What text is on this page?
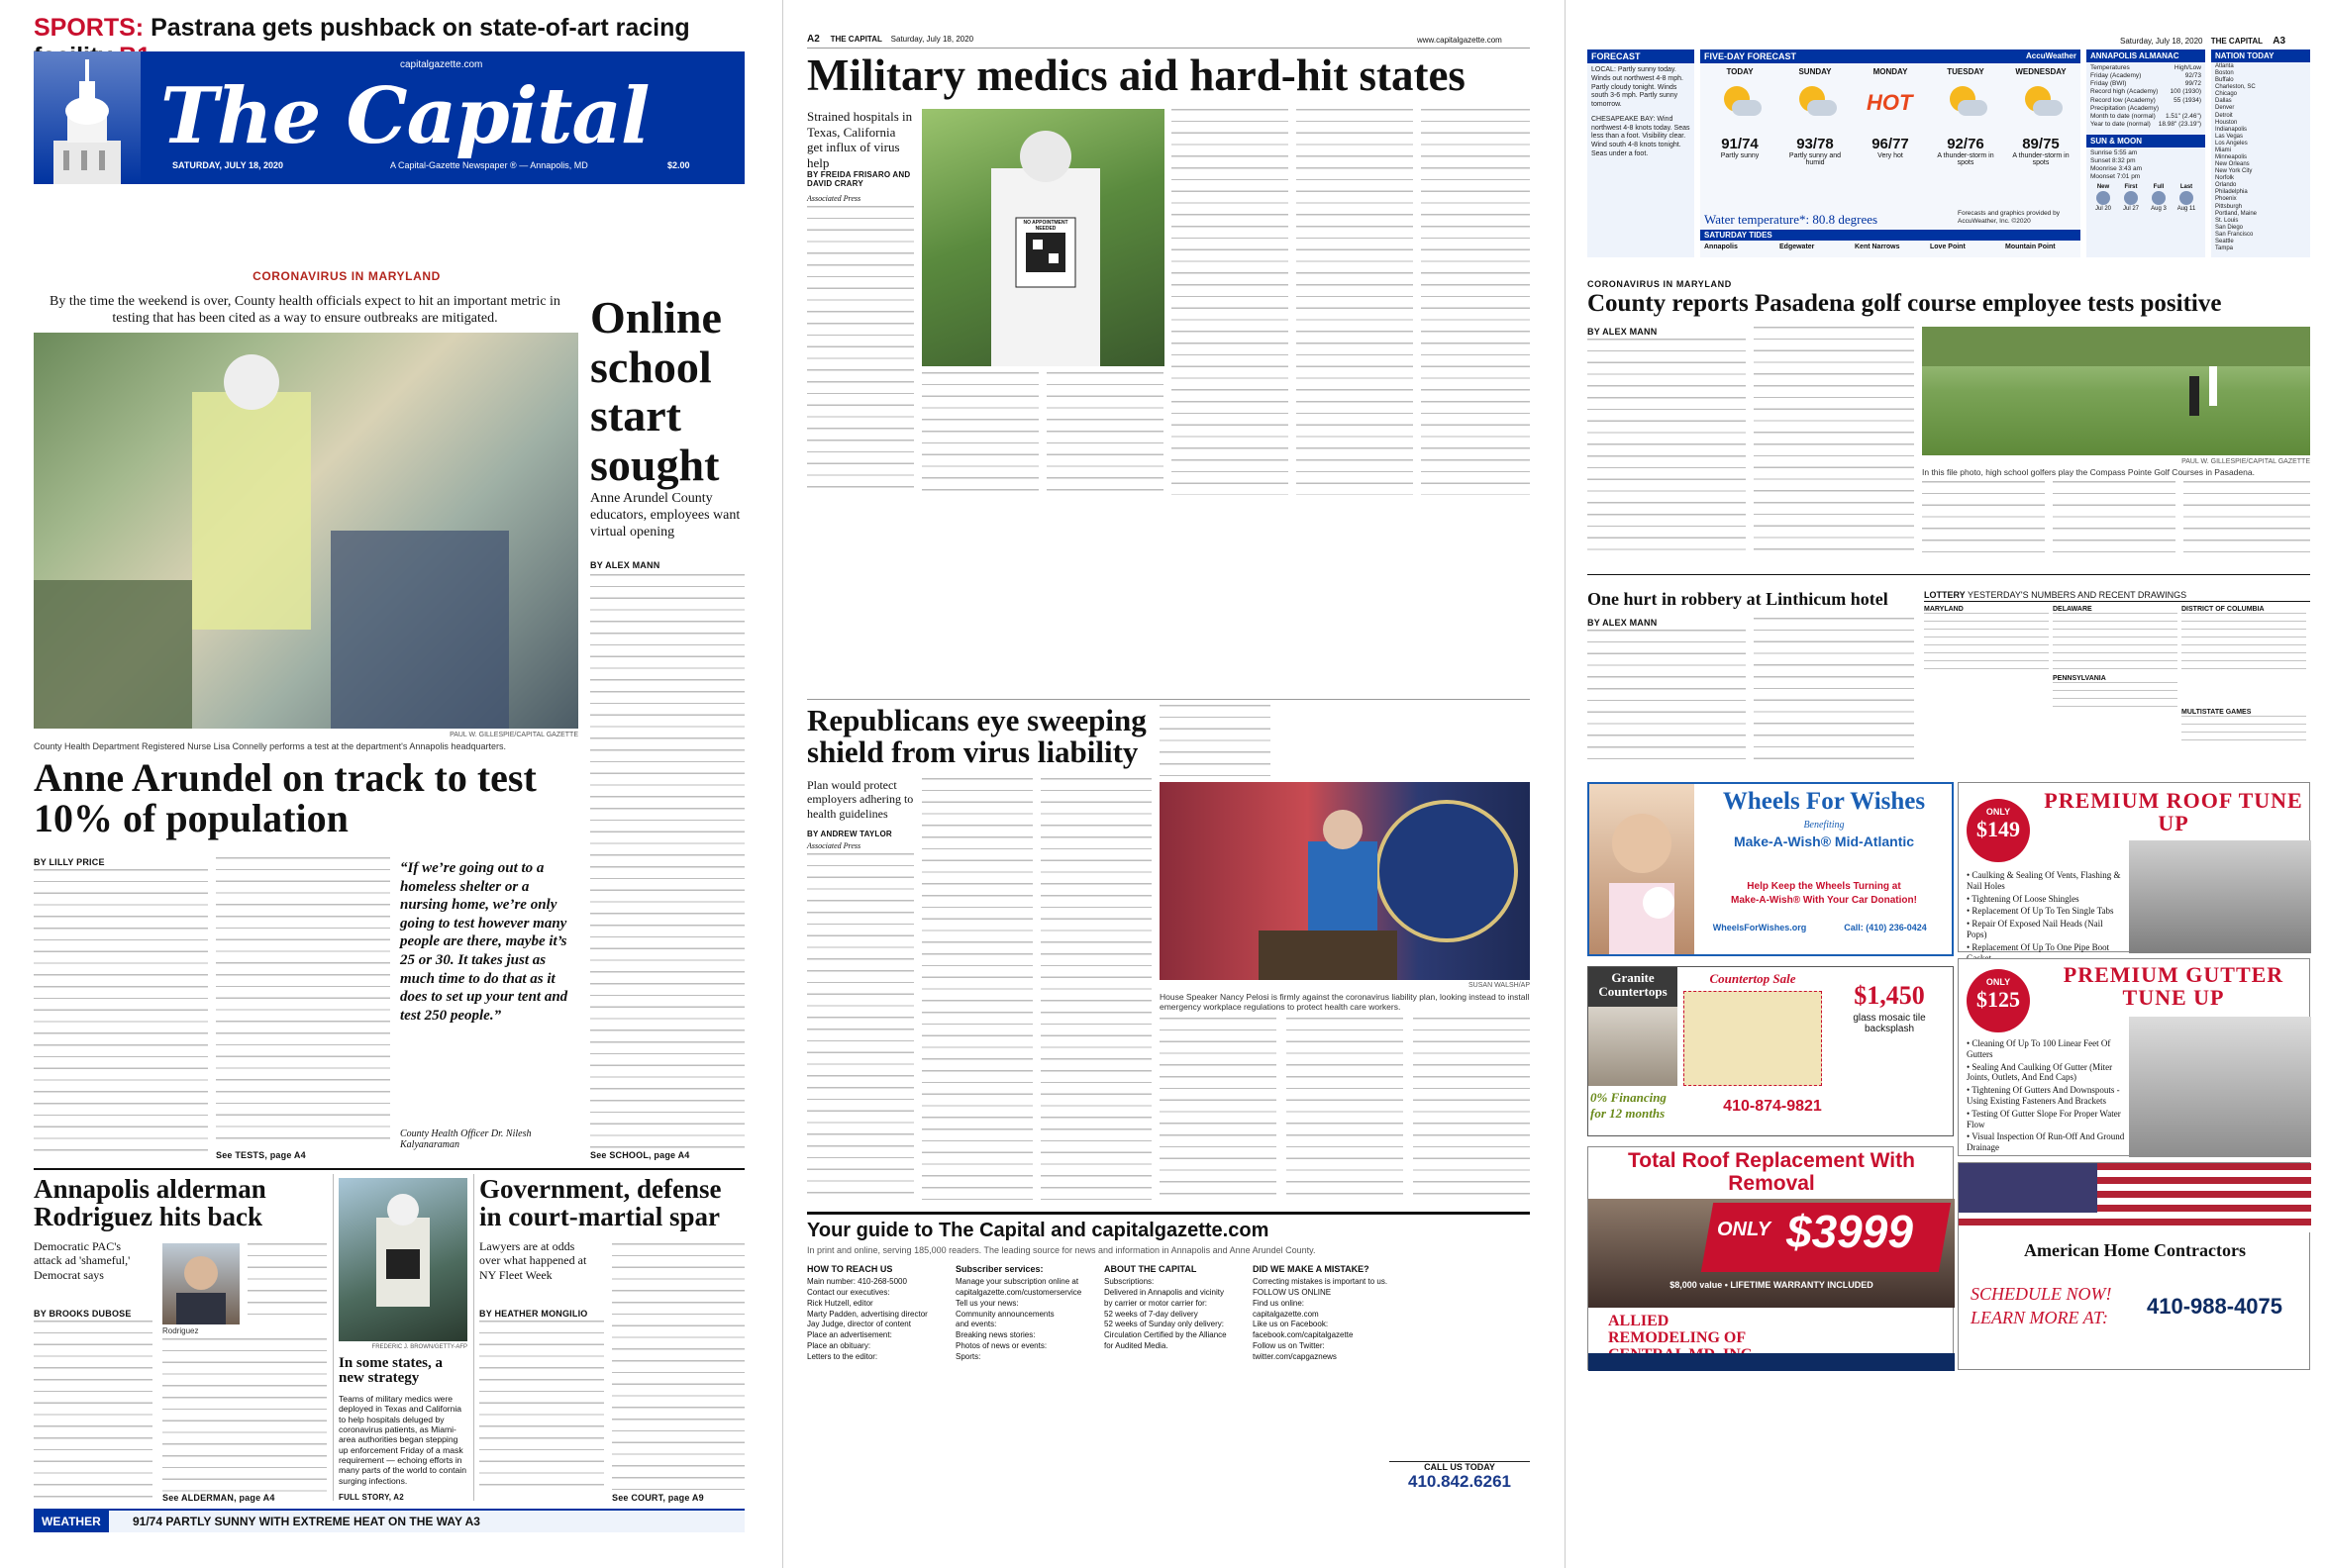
SPORTS: Pastrana gets pushback on state-of-art racing
capitalgazette.com
The Capital
SATURDAY, JULY 18, 2020	A Capital-Gazette Newspaper ® — Annapolis, MD	$2.00
CORONAVIRUS IN MARYLAND
By the time the weekend is over, County health officials expect to hit an important metric in testing that has been cited as a way to ensure outbreaks are mitigated.
PAUL W. GILLESPIE/CAPITAL GAZETTE
County Health Department Registered Nurse Lisa Connelly performs a test at the department's Annapolis headquarters.
Online school start sought
Anne Arundel County educators, employees want virtual opening
BY ALEX MANN
See SCHOOL, page A4
Anne Arundel on track to test 10% of population
BY LILLY PRICE
See TESTS, page A4
“If we’re going out to a homeless shelter or a nursing home, we’re only going to test however many people are there, maybe it’s 25 or 30. It takes just as much time to do that as it does to set up your tent and test 250 people.”
County Health Officer Dr. Nilesh Kalyanaraman
Annapolis alderman Rodriguez hits back
Democratic PAC's attack ad 'shameful,' Democrat says
Rodriguez
BY BROOKS DUBOSE
See ALDERMAN, page A4
FREDERIC J. BROWN/GETTY-AFP
In some states, a new strategy
Teams of military medics were deployed in Texas and California to help hospitals deluged by coronavirus patients, as Miami-area authorities began stepping up enforcement Friday of a mask requirement — echoing efforts in many parts of the world to contain surging infections.
FULL STORY, A2
Government, defense in court-martial spar
Lawyers are at odds over what happened at NY Fleet Week
BY HEATHER MONGILIO
See COURT, page A9
WEATHER	91/74 PARTLY SUNNY WITH EXTREME HEAT ON THE WAY A3
A2 THE CAPITAL Saturday, July 18, 2020	www.capitalgazette.com
Military medics aid hard-hit states
Strained hospitals in Texas, California get influx of virus help
BY FREIDA FRISARO AND DAVID CRARY
Associated Press
NO APPOINTMENT NEEDED
Republicans eye sweeping shield from virus liability
Plan would protect employers adhering to health guidelines
BY ANDREW TAYLOR
Associated Press
SUSAN WALSH/AP
House Speaker Nancy Pelosi is firmly against the coronavirus liability plan, looking instead to install emergency workplace regulations to protect health care workers.
Your guide to The Capital and capitalgazette.com
In print and online, serving 185,000 readers. The leading source for news and information in Annapolis and Anne Arundel County.
HOW TO REACH US
Main number: 410-268-5000
Contact our executives:
Rick Hutzell, editor
Marty Padden, advertising director
Jay Judge, director of content
Place an advertisement:
Place an obituary:
Letters to the editor:
Subscriber services:
Manage your subscription online at
capitalgazette.com/customerservice
Tell us your news:
Community announcements
and events:
Breaking news stories:
Photos of news or events:
Sports:
ABOUT THE CAPITAL
Subscriptions:
Delivered in Annapolis and vicinity
by carrier or motor carrier for:
52 weeks of 7-day delivery
52 weeks of Sunday only delivery:
Circulation Certified by the Alliance
for Audited Media.
DID WE MAKE A MISTAKE?
Correcting mistakes is important to us.
FOLLOW US ONLINE
Find us online:
capitalgazette.com
Like us on Facebook:
facebook.com/capitalgazette
Follow us on Twitter:
twitter.com/capgaznews
CALL US TODAY
410.842.6261
Saturday, July 18, 2020 THE CAPITAL A3
FORECAST
LOCAL: Partly sunny today. Winds out northwest 4-8 mph. Partly cloudy tonight. Winds south 3-6 mph. Partly sunny tomorrow.
CHESAPEAKE BAY: Wind northwest 4-8 knots today. Seas less than a foot. Visibility clear. Wind south 4-8 knots tonight. Seas under a foot.
FIVE-DAY FORECAST	AccuWeather
TODAY
91/74
Partly sunny
SUNDAY
93/78
Partly sunny and humid
MONDAY
HOT
96/77
Very hot
TUESDAY
92/76
A thunder-storm in spots
WEDNESDAY
89/75
A thunder-storm in spots
Water temperature*: 80.8 degrees	Forecasts and graphics provided by AccuWeather, Inc. ©2020
SATURDAY TIDES
Annapolis	Edgewater	Kent Narrows	Love Point	Mountain Point
ANNAPOLIS ALMANAC
Temperatures	High/Low
Friday (Academy)	92/73
Friday (BWI)	99/72
Record high (Academy) 100 (1930)
Record low (Academy)	55 (1934)
Precipitation (Academy)
Month to date (normal) 1.51" (2.46")
Year to date (normal) 18.98" (23.19")
SUN & MOON
Sunrise 5:55 am
Sunset 8:32 pm
Moonrise 3:43 am
Moonset 7:01 pm
New
Jul 20
First
Jul 27
Full
Aug 3
Last
Aug 11
NATION TODAY
Atlanta
Boston
Buffalo
Charleston, SC
Chicago
Dallas
Denver
Detroit
Houston
Indianapolis
Las Vegas
Los Angeles
Miami
Minneapolis
New Orleans
New York City
Norfolk
Orlando
Philadelphia
Phoenix
Pittsburgh
Portland, Maine
St. Louis
San Diego
San Francisco
Seattle
Tampa
CORONAVIRUS IN MARYLAND
County reports Pasadena golf course employee tests positive
BY ALEX MANN
PAUL W. GILLESPIE/CAPITAL GAZETTE
In this file photo, high school golfers play the Compass Pointe Golf Courses in Pasadena.
One hurt in robbery at Linthicum hotel
BY ALEX MANN
LOTTERY YESTERDAY'S NUMBERS AND RECENT DRAWINGS
MARYLAND	DELAWARE	DISTRICT OF COLUMBIA
PENNSYLVANIA
MULTISTATE GAMES
Wheels For Wishes
Benefiting
Make-A-Wish® Mid-Atlantic
Help Keep the Wheels Turning at
Make-A-Wish® With Your Car Donation!
WheelsForWishes.org	Call: (410) 236-0424
Granite Countertops
Countertop Sale
$1,450
glass mosaic tile backsplash
0% Financing for 12 months	410-874-9821
Total Roof Replacement With Removal
ONLY $3999
$8,000 value • LIFETIME WARRANTY INCLUDED
ALLIED REMODELING OF
ONLY
$149
PREMIUM ROOF TUNE UP
• Caulking & Sealing Of Vents, Flashing & Nail Holes
• Tightening Of Loose Shingles
• Replacement Of Up To Ten Single Tabs
• Repair Of Exposed Nail Heads (Nail Pops)
• Replacement Of Up To One Pipe Boot
ONLY
$125
PREMIUM GUTTER TUNE UP
• Cleaning Of Up To 100 Linear Feet Of Gutters
• Sealing And Caulking Of Gutter (Miter Joints, Outlets, And End Caps)
• Tightening Of Gutters And Downspouts - Using Existing Fasteners And Brackets
• Testing Of Gutter Slope For Proper Water Flow
• Visual Inspection Of Run-Off And Ground Drainage
American Home Contractors
SCHEDULE NOW!
LEARN MORE AT: 410-988-4075
